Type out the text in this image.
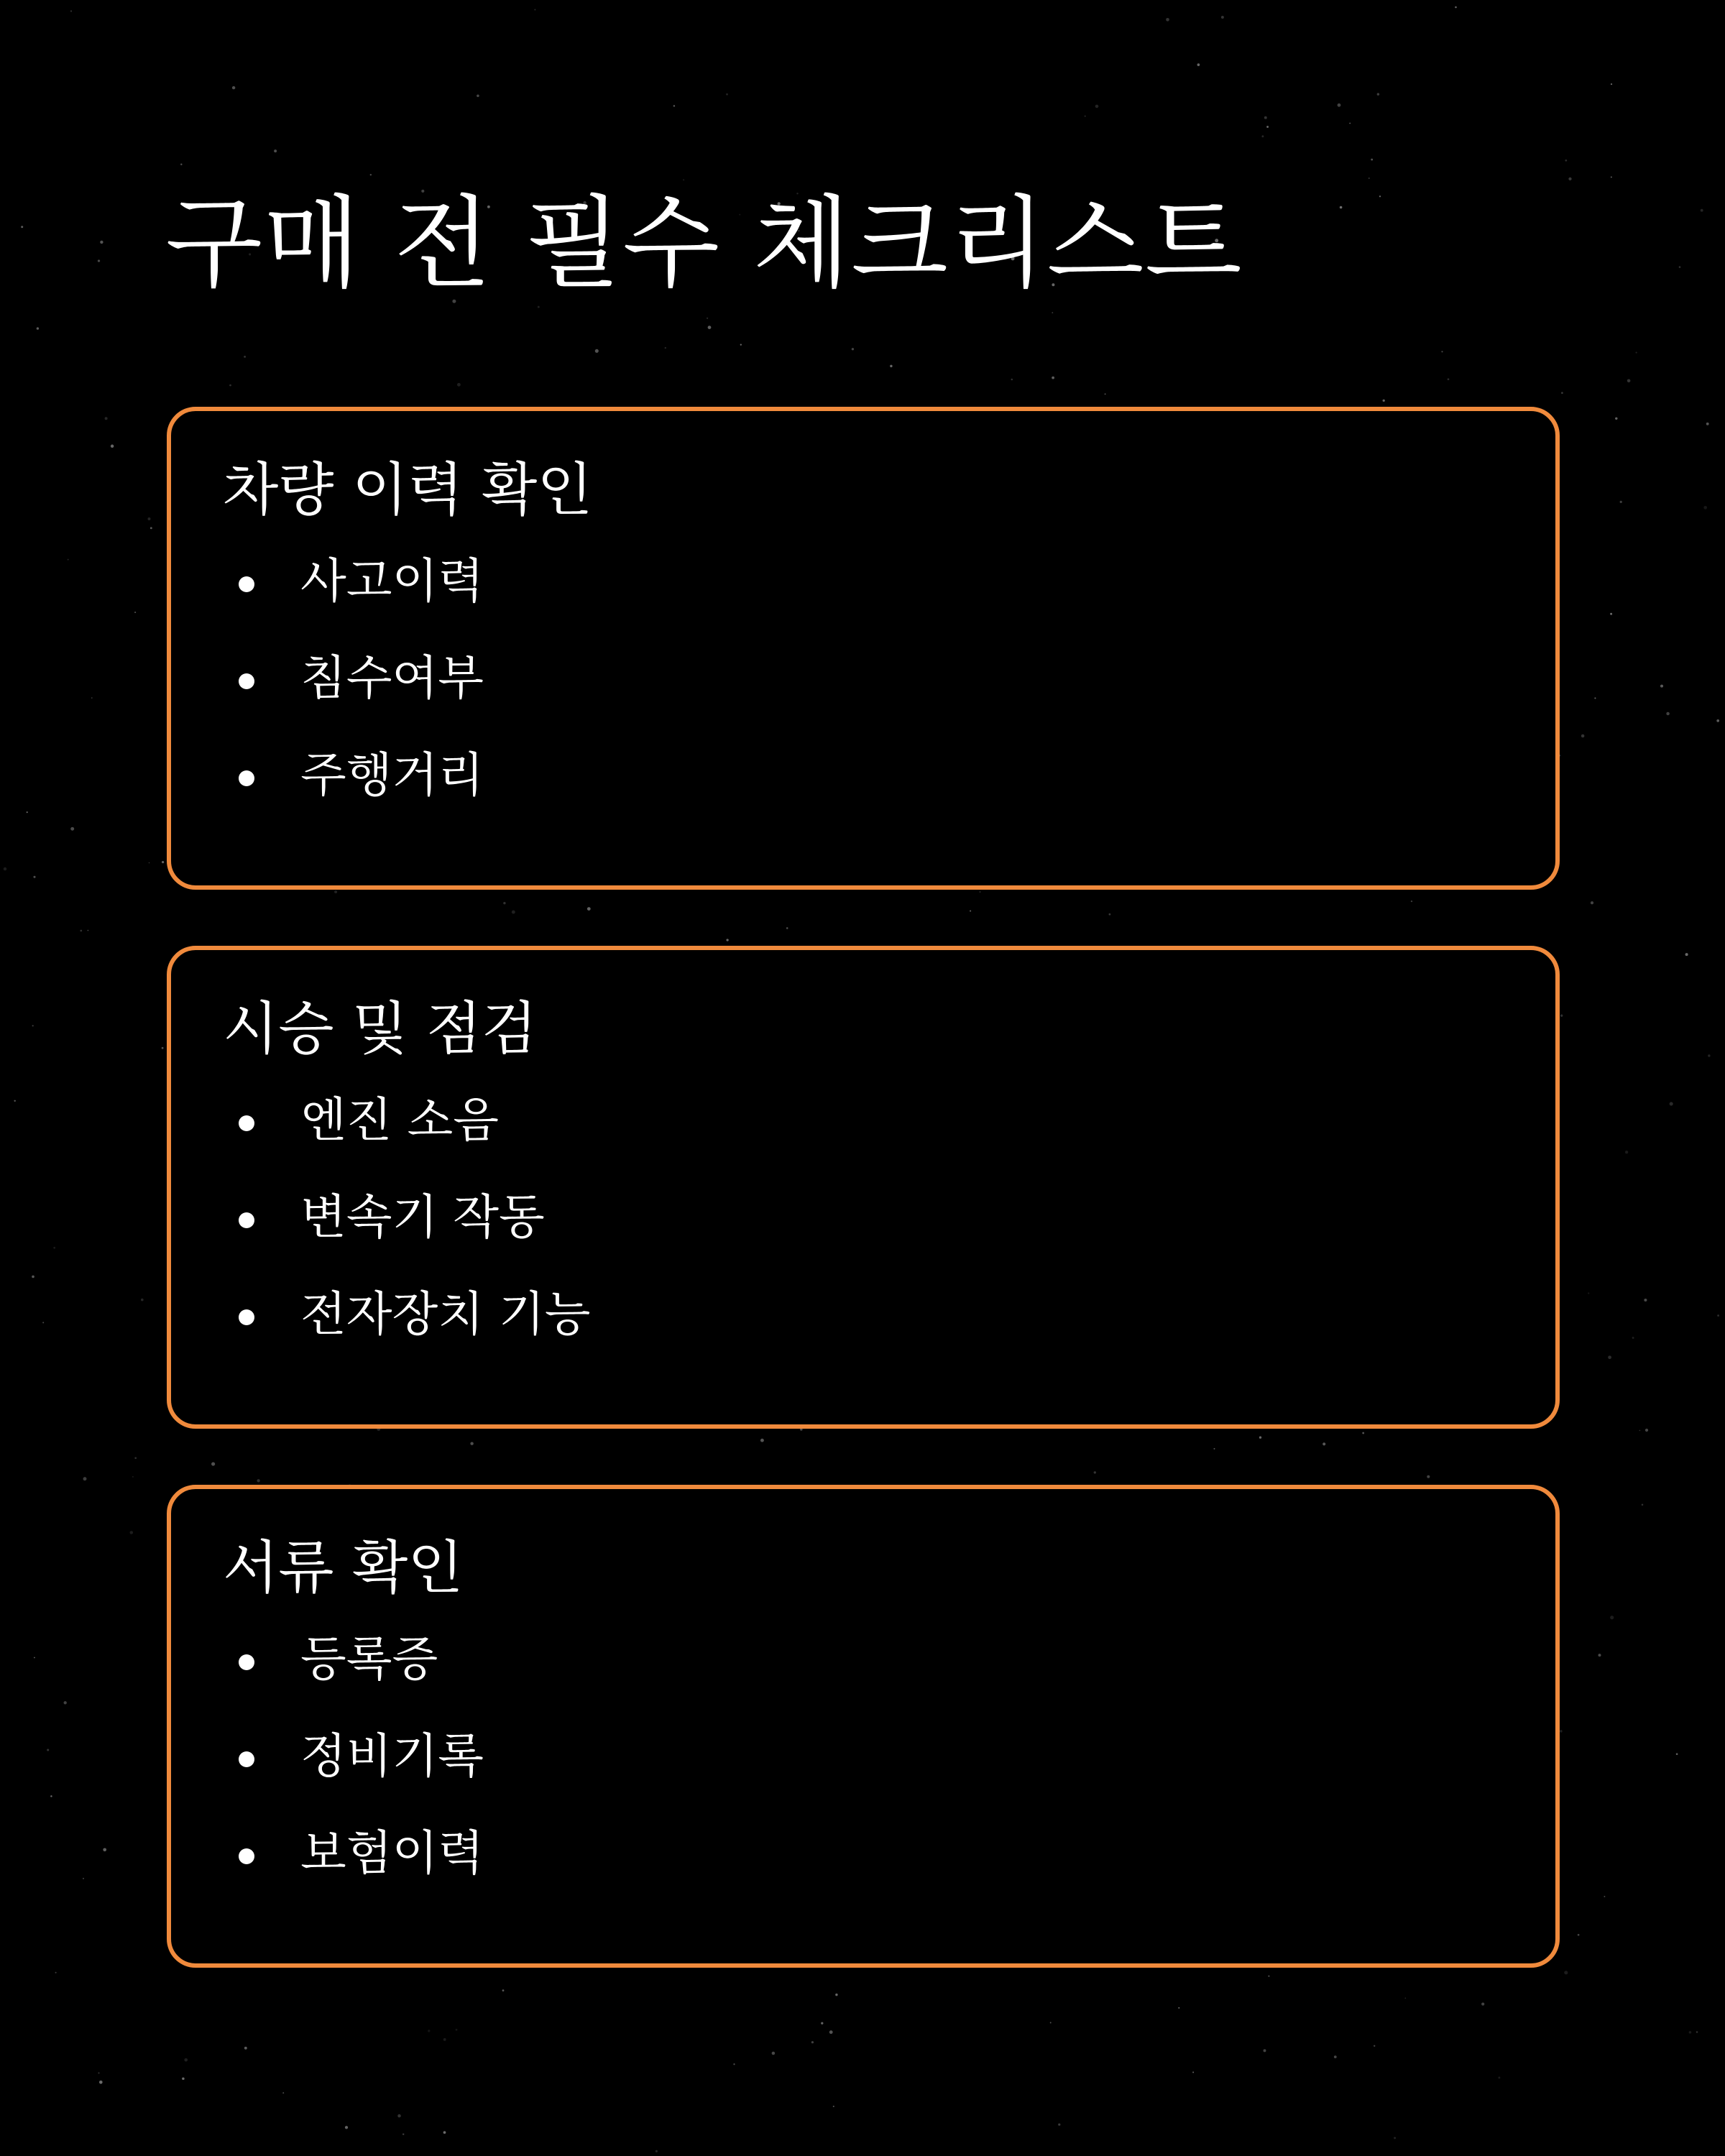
구매 전 필수 체크리스트
차량 이력 확인
사고이력
침수여부
주행거리
시승 및 점검
엔진 소음
변속기 작동
전자장치 기능
서류 확인
등록증
정비기록
보험이력
